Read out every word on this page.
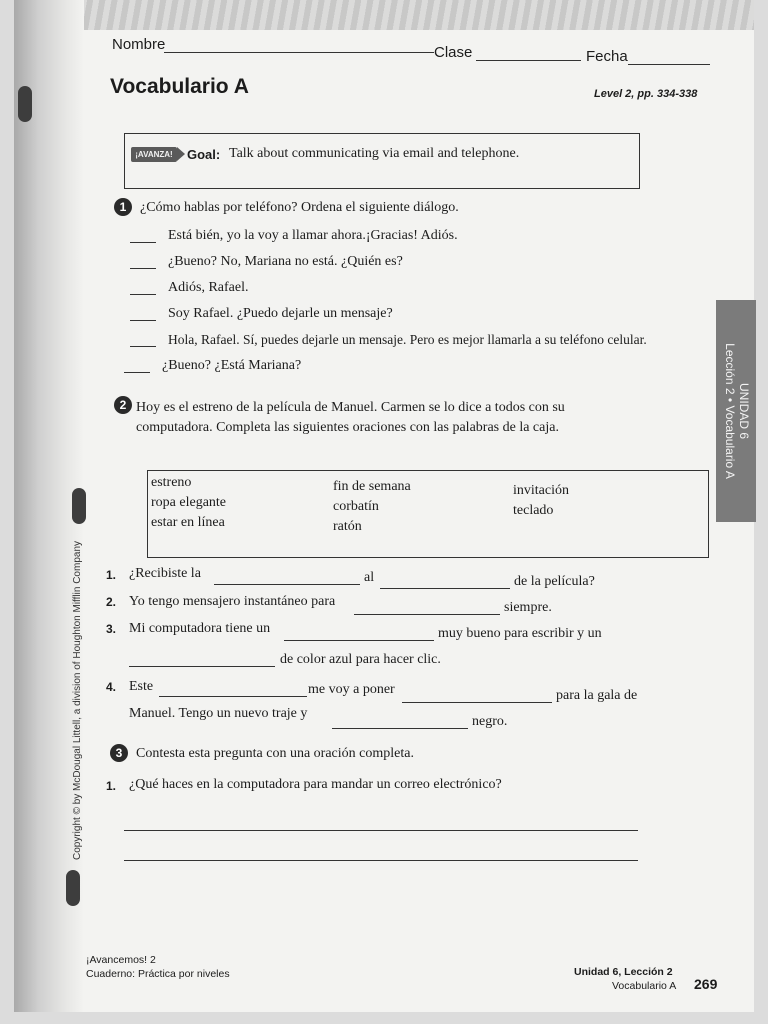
Nombre	Clase	Fecha
Vocabulario A	Level 2, pp. 334-338
¡AVANZA!	Goal: Talk about communicating via email and telephone.
UNIDAD 6
Lección 2 • Vocabulario A
1 ¿Cómo hablas por teléfono? Ordena el siguiente diálogo.
Está bién, yo la voy a llamar ahora.¡Gracias! Adiós.
¿Bueno? No, Mariana no está. ¿Quién es?
Adiós, Rafael.
Soy Rafael. ¿Puedo dejarle un mensaje?
Hola, Rafael. Sí, puedes dejarle un mensaje. Pero es mejor llamarla a su teléfono celular.
¿Bueno? ¿Está Mariana?
2 Hoy es el estreno de la película de Manuel. Carmen se lo dice a todos con su
computadora. Completa las siguientes oraciones con las palabras de la caja.
estreno
ropa elegante
estar en línea
fin de semana
corbatín
ratón
invitación
teclado
1. ¿Recibiste la	al	de la película?
2. Yo tengo mensajero instantáneo para	siempre.
3. Mi computadora tiene un	muy bueno para escribir y un
de color azul para hacer clic.
4. Este	me voy a poner	para la gala de
Manuel. Tengo un nuevo traje y
negro.
3 Contesta esta pregunta con una oración completa.
1. ¿Qué haces en la computadora para mandar un correo electrónico?
Copyright © by McDougal Littell, a division of Houghton Mifflin Company
¡Avancemos! 2
Cuaderno: Práctica por niveles	Unidad 6, Lección 2
Vocabulario A 269
